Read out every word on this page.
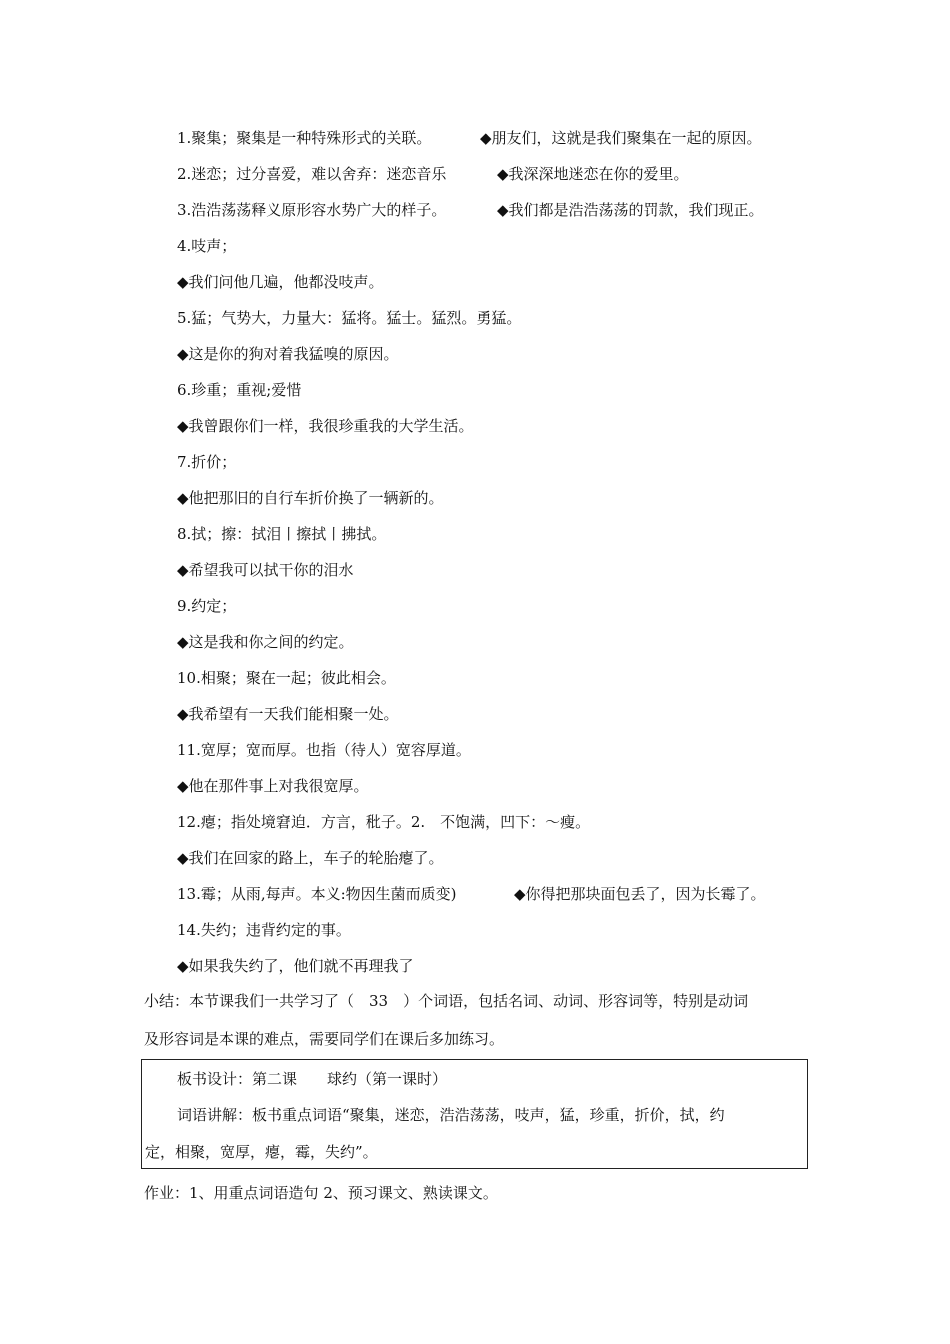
1.聚集；聚集是一种特殊形式的关联。	◆朋友们，这就是我们聚集在一起的原因。
2.迷恋；过分喜爱，难以舍弃：迷恋音乐	◆我深深地迷恋在你的爱里。
3.浩浩荡荡释义原形容水势广大的样子。	◆我们都是浩浩荡荡的罚款，我们现正。
4.吱声；
◆我们问他几遍，他都没吱声。
5.猛；气势大，力量大：猛将。猛士。猛烈。勇猛。
◆这是你的狗对着我猛嗅的原因。
6.珍重；重视;爱惜
◆我曾跟你们一样，我很珍重我的大学生活。
7.折价；
◆他把那旧的自行车折价换了一辆新的。
8.拭；擦：拭泪丨擦拭丨拂拭。
◆希望我可以拭干你的泪水
9.约定；
◆这是我和你之间的约定。
10.相聚；聚在一起；彼此相会。
◆我希望有一天我们能相聚一处。
11.宽厚；宽而厚。也指（待人）宽容厚道。
◆他在那件事上对我很宽厚。
12.瘪；指处境窘迫．方言，秕子。2.　不饱满，凹下：～瘦。
◆我们在回家的路上，车子的轮胎瘪了。
13.霉；从雨,每声。本义:物因生菌而质变)	◆你得把那块面包丢了，因为长霉了。
14.失约；违背约定的事。
◆如果我失约了，他们就不再理我了
小结：本节课我们一共学习了（　33　）个词语，包括名词、动词、形容词等，特别是动词
及形容词是本课的难点，需要同学们在课后多加练习。
板书设计：第二课　　球约（第一课时）
词语讲解：板书重点词语“聚集，迷恋，浩浩荡荡，吱声，猛，珍重，折价，拭，约
定，相聚，宽厚，瘪，霉，失约”。
作业：1、用重点词语造句 2、预习课文、熟读课文。
